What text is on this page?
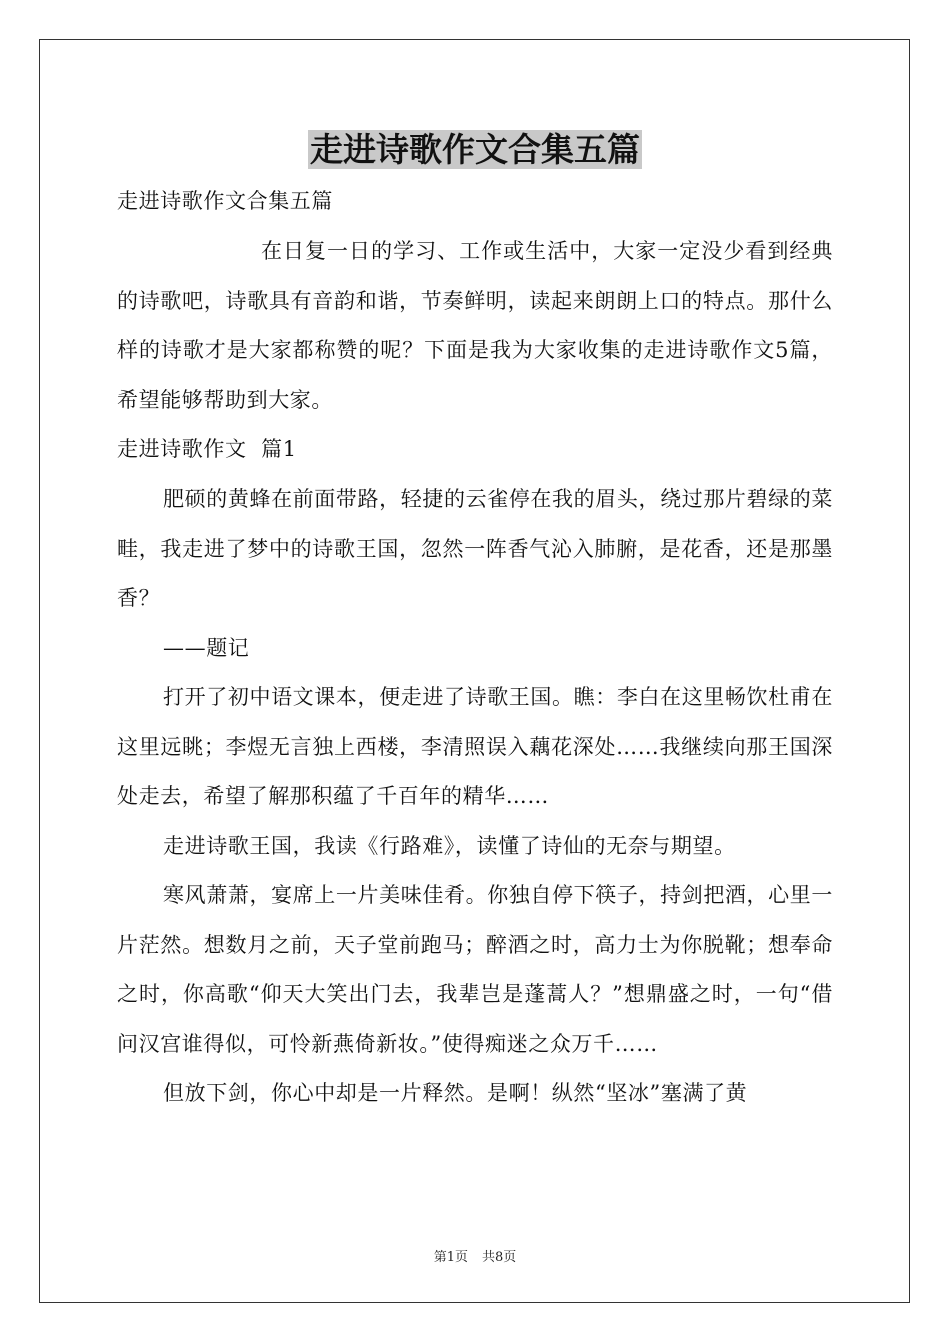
走进诗歌作文合集五篇

走进诗歌作文合集五篇

在日复一日的学习、工作或生活中，大家一定没少看到经典的诗歌吧，诗歌具有音韵和谐，节奏鲜明，读起来朗朗上口的特点。那什么样的诗歌才是大家都称赞的呢？下面是我为大家收集的走进诗歌作文5篇，希望能够帮助到大家。

走进诗歌作文  篇1

肥硕的黄蜂在前面带路，轻捷的云雀停在我的眉头，绕过那片碧绿的菜畦，我走进了梦中的诗歌王国，忽然一阵香气沁入肺腑，是花香，还是那墨香？

——题记

打开了初中语文课本，便走进了诗歌王国。瞧：李白在这里畅饮杜甫在这里远眺；李煜无言独上西楼，李清照误入藕花深处……我继续向那王国深处走去，希望了解那积蕴了千百年的精华……

走进诗歌王国，我读《行路难》，读懂了诗仙的无奈与期望。

寒风萧萧，宴席上一片美味佳肴。你独自停下筷子，持剑把酒，心里一片茫然。想数月之前，天子堂前跑马；醉酒之时，高力士为你脱靴；想奉命之时，你高歌“仰天大笑出门去，我辈岂是蓬蒿人？”想鼎盛之时，一句“借问汉宫谁得似，可怜新燕倚新妆。”使得痴迷之众万千……

但放下剑，你心中却是一片释然。是啊！纵然“坚冰”塞满了黄

第1页 共8页
